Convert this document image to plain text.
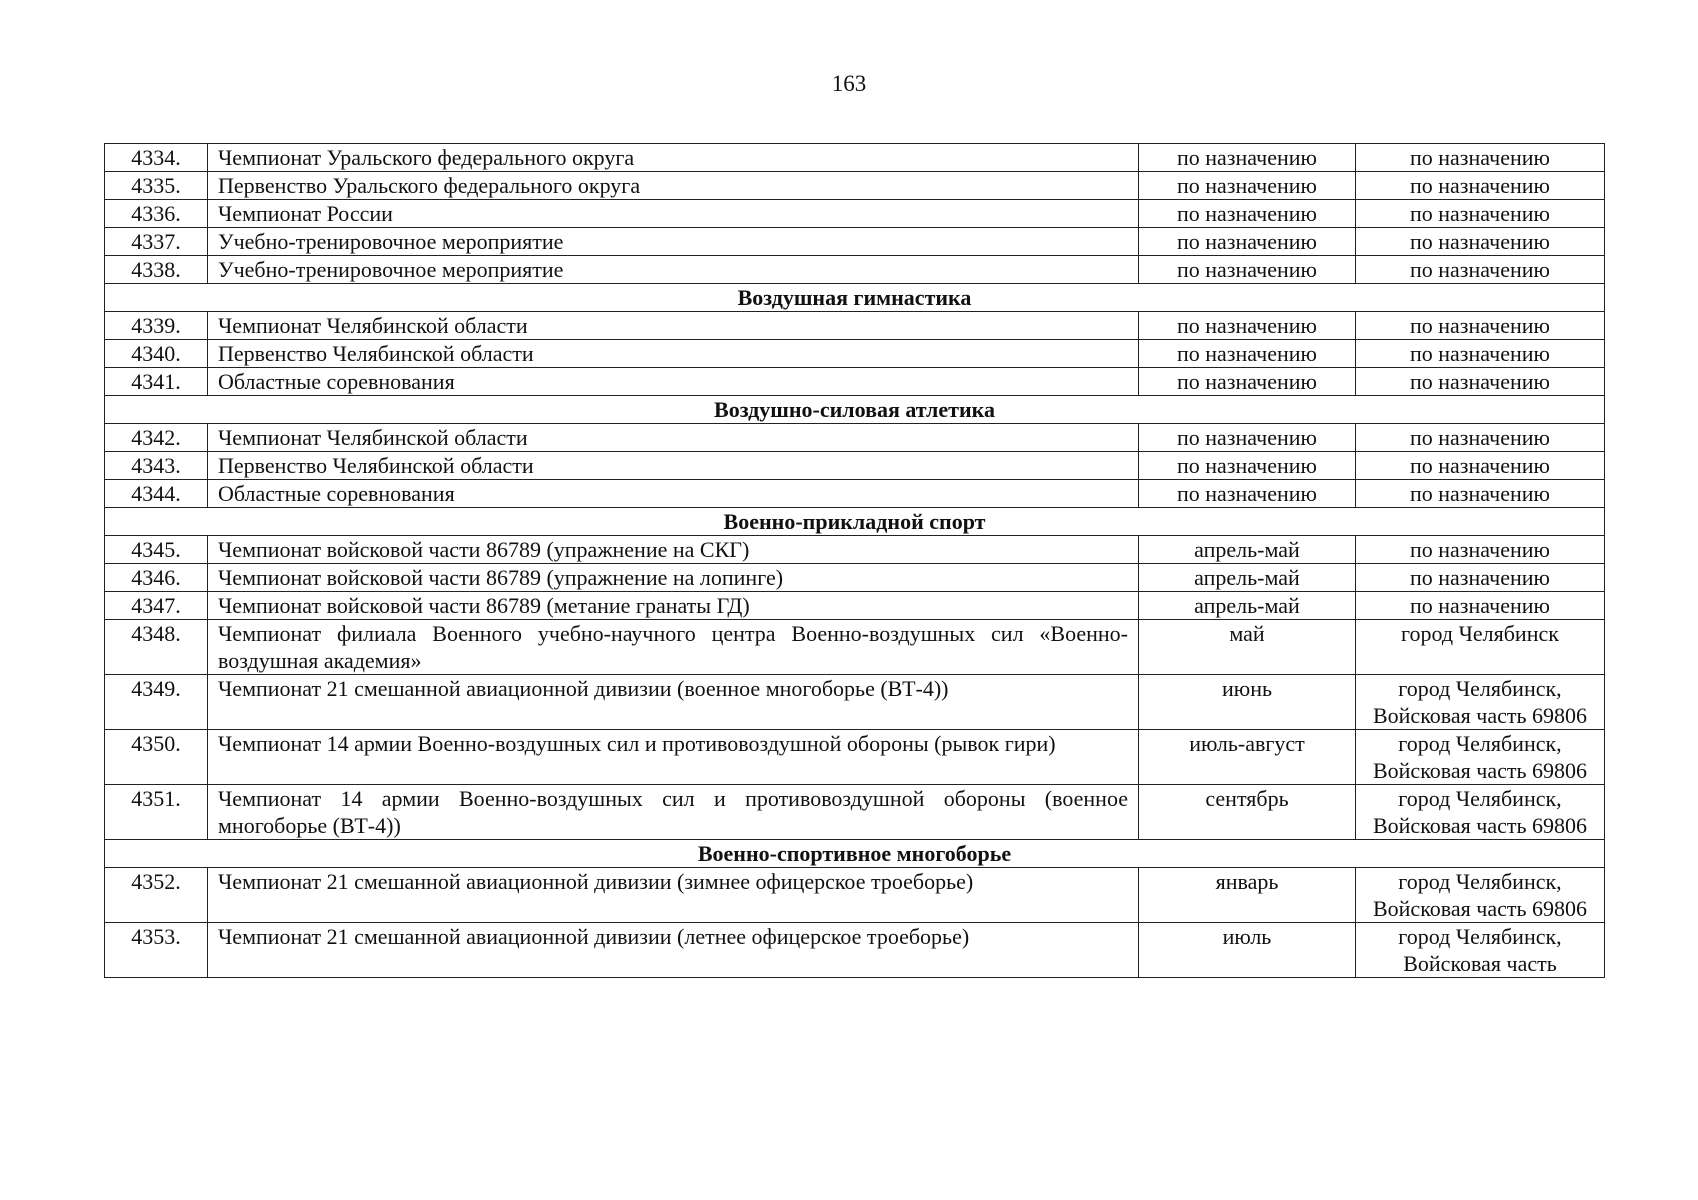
163
4334.	Чемпионат Уральского федерального округа	по назначению	по назначению
4335.	Первенство Уральского федерального округа	по назначению	по назначению
4336.	Чемпионат России	по назначению	по назначению
4337.	Учебно-тренировочное мероприятие	по назначению	по назначению
4338.	Учебно-тренировочное мероприятие	по назначению	по назначению
Воздушная гимнастика			
4339.	Чемпионат Челябинской области	по назначению	по назначению
4340.	Первенство Челябинской области	по назначению	по назначению
4341.	Областные соревнования	по назначению	по назначению
Воздушно-силовая атлетика			
4342.	Чемпионат Челябинской области	по назначению	по назначению
4343.	Первенство Челябинской области	по назначению	по назначению
4344.	Областные соревнования	по назначению	по назначению
Военно-прикладной спорт			
4345.	Чемпионат войсковой части 86789 (упражнение на СКГ)	апрель-май	по назначению
4346.	Чемпионат войсковой части 86789 (упражнение на лопинге)	апрель-май	по назначению
4347.	Чемпионат войсковой части 86789 (метание гранаты ГД)	апрель-май	по назначению
4348.	Чемпионат филиала Военного учебно-научного центра Военно-воздушных сил «Военно-воздушная академия»	май	город Челябинск
4349.	Чемпионат 21 смешанной авиационной дивизии (военное многоборье (ВТ-4))	июнь	город Челябинск, Войсковая часть 69806
4350.	Чемпионат 14 армии Военно-воздушных сил и противовоздушной обороны (рывок гири)	июль-август	город Челябинск, Войсковая часть 69806
4351.	Чемпионат 14 армии Военно-воздушных сил и противовоздушной обороны (военное многоборье (ВТ-4))	сентябрь	город Челябинск, Войсковая часть 69806
Военно-спортивное многоборье			
4352.	Чемпионат 21 смешанной авиационной дивизии (зимнее офицерское троеборье)	январь	город Челябинск, Войсковая часть 69806
4353.	Чемпионат 21 смешанной авиационной дивизии (летнее офицерское троеборье)	июль	город Челябинск, Войсковая часть
